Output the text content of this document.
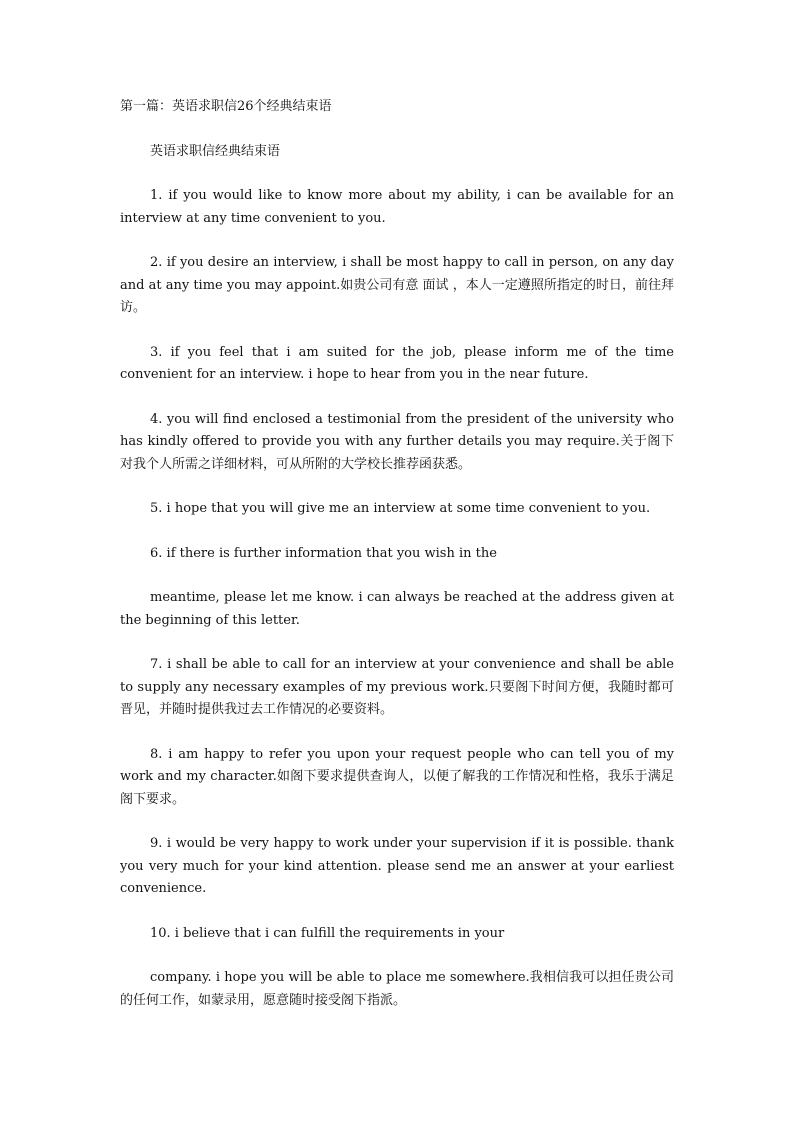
第一篇：英语求职信26个经典结束语

英语求职信经典结束语

1. if you would like to know more about my ability, i can be available for an interview at any time convenient to you.

2. if you desire an interview, i shall be most happy to call in person, on any day and at any time you may appoint.如贵公司有意 面试 ，本人一定遵照所指定的时日，前往拜访。

3. if you feel that i am suited for the job, please inform me of the time convenient for an interview. i hope to hear from you in the near future.

4. you will find enclosed a testimonial from the president of the university who has kindly offered to provide you with any further details you may require.关于阁下对我个人所需之详细材料，可从所附的大学校长推荐函获悉。

5. i hope that you will give me an interview at some time convenient to you.

6. if there is further information that you wish in the

meantime, please let me know. i can always be reached at the address given at the beginning of this letter.

7. i shall be able to call for an interview at your convenience and shall be able to supply any necessary examples of my previous work.只要阁下时间方便，我随时都可晋见，并随时提供我过去工作情况的必要资料。

8. i am happy to refer you upon your request people who can tell you of my work and my character.如阁下要求提供查询人，以便了解我的工作情况和性格，我乐于满足阁下要求。

9. i would be very happy to work under your supervision if it is possible. thank you very much for your kind attention. please send me an answer at your earliest convenience.

10. i believe that i can fulfill the requirements in your

company. i hope you will be able to place me somewhere.我相信我可以担任贵公司的任何工作，如蒙录用，愿意随时接受阁下指派。
